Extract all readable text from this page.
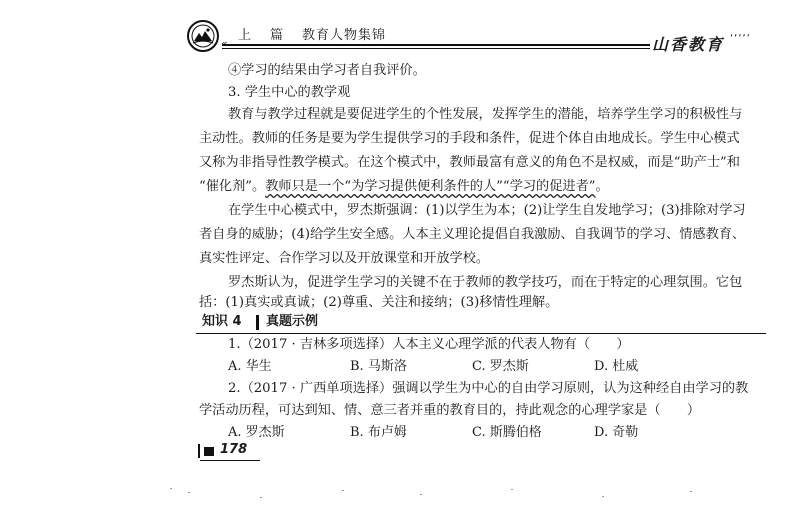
上 篇 教育人物集锦
«	山香教育 ‘‘‘‘‘
④学习的结果由学习者自我评价。
3. 学生中心的教学观
教育与教学过程就是要促进学生的个性发展，发挥学生的潜能，培养学生学习的积极性与
主动性。教师的任务是要为学生提供学习的手段和条件，促进个体自由地成长。学生中心模式
又称为非指导性教学模式。在这个模式中，教师最富有意义的角色不是权威，而是“助产士”和
“催化剂”。教师只是一个“为学习提供便利条件的人”“学习的促进者”。
在学生中心模式中，罗杰斯强调：(1)以学生为本；(2)让学生自发地学习；(3)排除对学习
者自身的威胁；(4)给学生安全感。人本主义理论提倡自我激励、自我调节的学习、情感教育、
真实性评定、合作学习以及开放课堂和开放学校。
罗杰斯认为，促进学生学习的关键不在于教师的教学技巧，而在于特定的心理氛围。它包
知识 4	真题示例
1.（2017 · 吉林多项选择）人本主义心理学派的代表人物有（　　）
A. 华生	B. 马斯洛	C. 罗杰斯	D. 杜威
2.（2017 · 广西单项选择）强调以学生为中心的自由学习原则，认为这种经自由学习的教
学活动历程，可达到知、情、意三者并重的教育目的，持此观念的心理学家是（　　）
A. 罗杰斯	B. 布卢姆	C. 斯腾伯格	D. 奇勒
178
括：(1)真实或真诚；(2)尊重、关注和接纳；(3)移情性理解。
